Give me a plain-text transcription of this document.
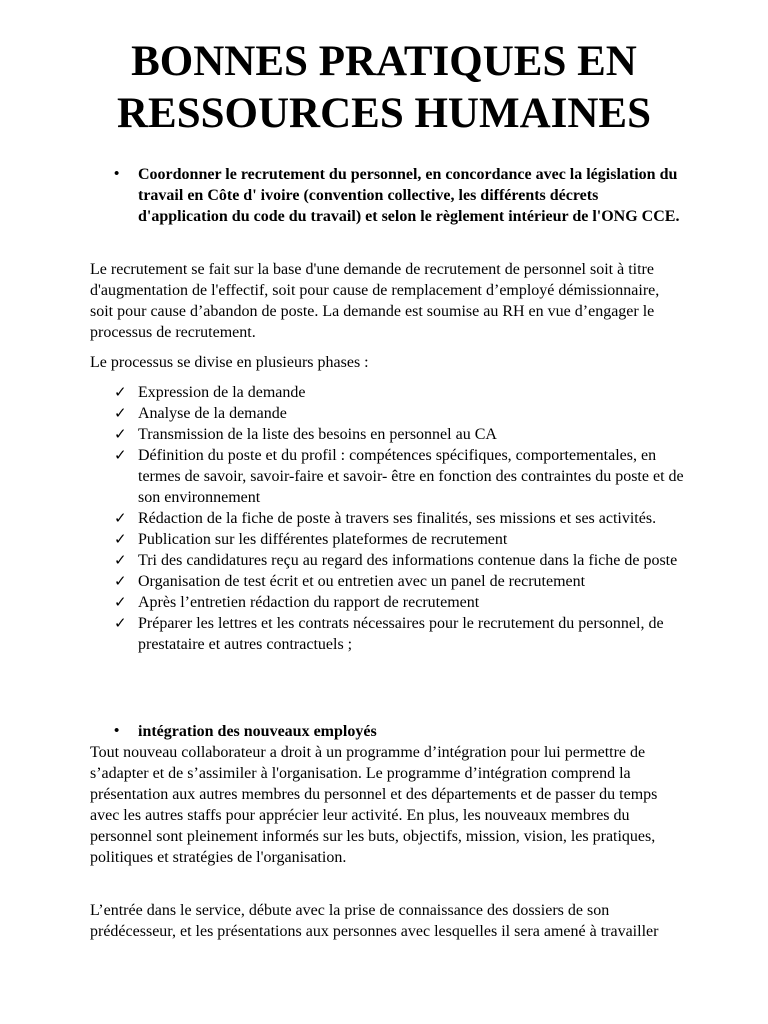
BONNES PRATIQUES EN
RESSOURCES HUMAINES
• Coordonner le recrutement du personnel, en concordance avec la législation du travail en Côte d' ivoire (convention collective, les différents décrets d'application du code du travail) et selon le règlement intérieur de l'ONG CCE.

Le recrutement se fait sur la base d'une demande de recrutement de personnel soit à titre d'augmentation de l'effectif, soit pour cause de remplacement d’employé démissionnaire, soit pour cause d’abandon de poste. La demande est soumise au RH en vue d’engager le processus de recrutement.

Le processus se divise en plusieurs phases :

✓ Expression de la demande
✓ Analyse de la demande
✓ Transmission de la liste des besoins en personnel au CA
✓ Définition du poste et du profil : compétences spécifiques, comportementales, en termes de savoir, savoir-faire et savoir- être en fonction des contraintes du poste et de son environnement
✓ Rédaction de la fiche de poste à travers ses finalités, ses missions et ses activités.
✓ Publication sur les différentes plateformes de recrutement
✓ Tri des candidatures reçu au regard des informations contenue dans la fiche de poste
✓ Organisation de test écrit et ou entretien avec un panel de recrutement
✓ Après l’entretien rédaction du rapport de recrutement
✓ Préparer les lettres et les contrats nécessaires pour le recrutement du personnel, de prestataire et autres contractuels ;
• intégration des nouveaux employés

Tout nouveau collaborateur a droit à un programme d’intégration pour lui permettre de s’adapter et de s’assimiler à l'organisation. Le programme d’intégration comprend la présentation aux autres membres du personnel et des départements et de passer du temps avec les autres staffs pour apprécier leur activité. En plus, les nouveaux membres du personnel sont pleinement informés sur les buts, objectifs, mission, vision, les pratiques, politiques et stratégies de l'organisation.

L’entrée dans le service, débute avec la prise de connaissance des dossiers de son prédécesseur, et les présentations aux personnes avec lesquelles il sera amené à travailler
